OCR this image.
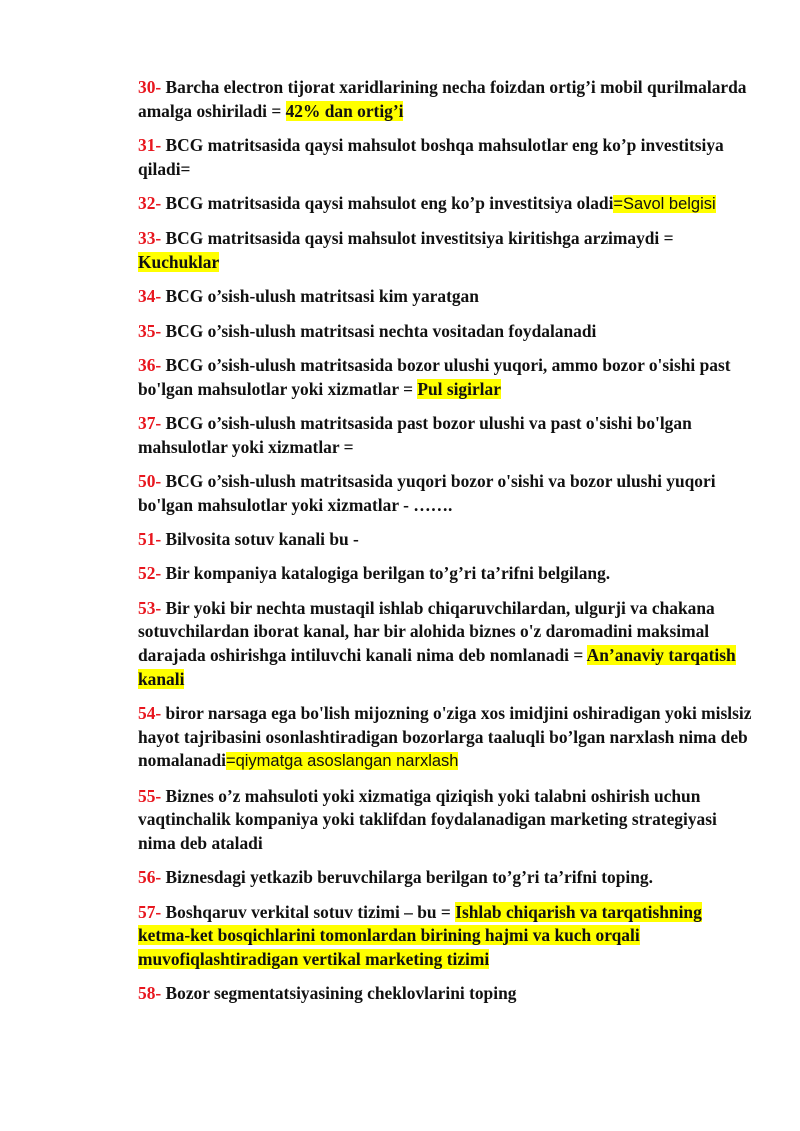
30- Barcha electron tijorat xaridlarining necha foizdan ortig’i mobil qurilmalarda amalga oshiriladi = 42% dan ortig’i

31- BCG matritsasida qaysi mahsulot boshqa mahsulotlar eng ko’p investitsiya qiladi=

32- BCG matritsasida qaysi mahsulot eng ko’p investitsiya oladi=Savol belgisi

33- BCG matritsasida qaysi mahsulot investitsiya kiritishga arzimaydi = Kuchuklar

34- BCG o’sish-ulush matritsasi kim yaratgan

35- BCG o’sish-ulush matritsasi nechta vositadan foydalanadi

36- BCG o’sish-ulush matritsasida bozor ulushi yuqori, ammo bozor o'sishi past bo'lgan mahsulotlar yoki xizmatlar = Pul sigirlar

37- BCG o’sish-ulush matritsasida past bozor ulushi va past o'sishi bo'lgan mahsulotlar yoki xizmatlar =

50- BCG o’sish-ulush matritsasida yuqori bozor o'sishi va bozor ulushi yuqori bo'lgan mahsulotlar yoki xizmatlar - …….

51- Bilvosita sotuv kanali bu -

52- Bir kompaniya katalogiga berilgan to’g’ri ta’rifni belgilang.

53- Bir yoki bir nechta mustaqil ishlab chiqaruvchilardan, ulgurji va chakana sotuvchilardan iborat kanal, har bir alohida biznes o'z daromadini maksimal darajada oshirishga intiluvchi kanali nima deb nomlanadi = An’anaviy tarqatish kanali

54- biror narsaga ega bo'lish mijozning o'ziga xos imidjini oshiradigan yoki mislsiz hayot tajribasini osonlashtiradigan bozorlarga taaluqli bo’lgan narxlash nima deb nomalanadi=qiymatga asoslangan narxlash

55- Biznes o’z mahsuloti yoki xizmatiga qiziqish yoki talabni oshirish uchun vaqtinchalik kompaniya yoki taklifdan foydalanadigan marketing strategiyasi nima deb ataladi

56- Biznesdagi yetkazib beruvchilarga berilgan to’g’ri ta’rifni toping.

57- Boshqaruv verkital sotuv tizimi – bu = Ishlab chiqarish va tarqatishning ketma-ket bosqichlarini tomonlardan birining hajmi va kuch orqali muvofiqlashtiradigan vertikal marketing tizimi

58- Bozor segmentatsiyasining cheklovlarini toping
